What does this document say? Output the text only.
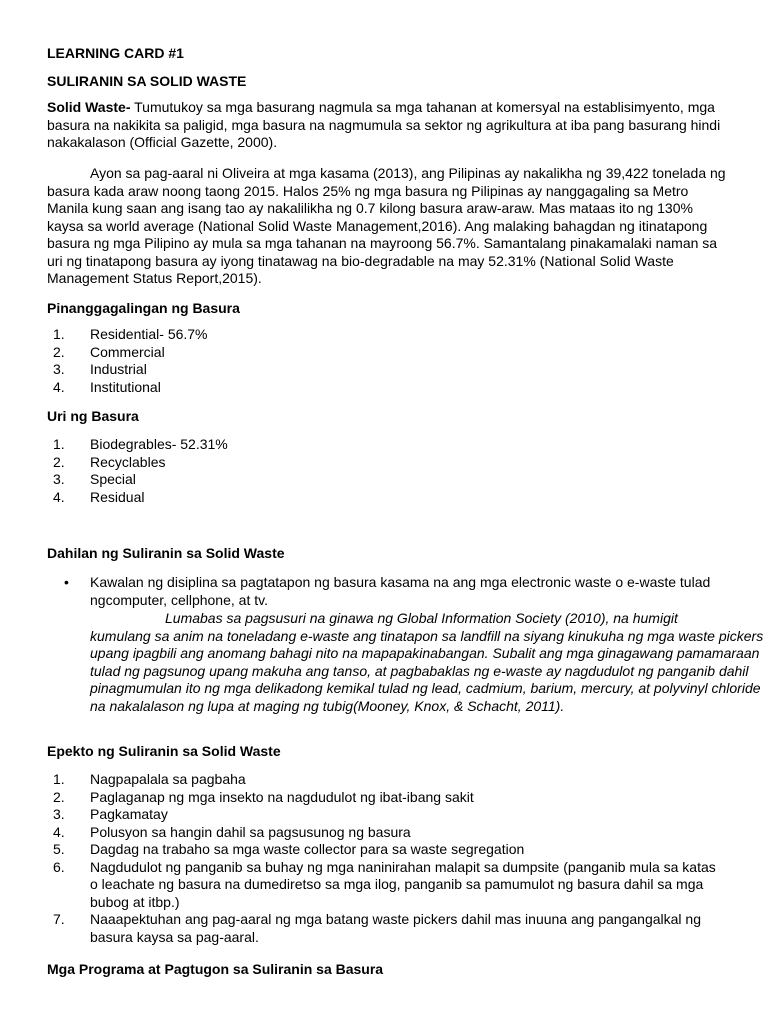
LEARNING CARD #1
SULIRANIN SA SOLID WASTE

Solid Waste- Tumutukoy sa mga basurang nagmula sa mga tahanan at komersyal na establisimyento, mga basura na nakikita sa paligid, mga basura na nagmumula sa sektor ng agrikultura at iba pang basurang hindi nakakalason (Official Gazette, 2000).

Ayon sa pag-aaral ni Oliveira at mga kasama (2013), ang Pilipinas ay nakalikha ng 39,422 tonelada ng basura kada araw noong taong 2015. Halos 25% ng mga basura ng Pilipinas ay nanggagaling sa Metro Manila kung saan ang isang tao ay nakalilikha ng 0.7 kilong basura araw-araw. Mas mataas ito ng 130% kaysa sa world average (National Solid Waste Management,2016). Ang malaking bahagdan ng itinatapong basura ng mga Pilipino ay mula sa mga tahanan na mayroong 56.7%. Samantalang pinakamalaki naman sa uri ng tinatapong basura ay iyong tinatawag na bio-degradable na may 52.31% (National Solid Waste Management Status Report,2015).

Pinanggagalingan ng Basura
1. Residential- 56.7%
2. Commercial
3. Industrial
4. Institutional
Uri ng Basura
1. Biodegrables- 52.31%
2. Recyclables
3. Special
4. Residual
Dahilan ng Suliranin sa Solid Waste
• Kawalan ng disiplina sa pagtatapon ng basura kasama na ang mga electronic waste o e-waste tulad ngcomputer, cellphone, at tv.
Lumabas sa pagsusuri na ginawa ng Global Information Society (2010), na humigit
kumulang sa anim na toneladang e-waste ang tinatapon sa landfill na siyang kinukuha ng mga waste pickers upang ipagbili ang anomang bahagi nito na mapapakinabangan. Subalit ang mga ginagawang pamamaraan tulad ng pagsunog upang makuha ang tanso, at pagbabaklas ng e-waste ay nagdudulot ng panganib dahil pinagmumulan ito ng mga delikadong kemikal tulad ng lead, cadmium, barium, mercury, at polyvinyl chloride na nakalalason ng lupa at maging ng tubig(Mooney, Knox, & Schacht, 2011).
Epekto ng Suliranin sa Solid Waste
1. Nagpapalala sa pagbaha
2. Paglaganap ng mga insekto na nagdudulot ng ibat-ibang sakit
3. Pagkamatay
4. Polusyon sa hangin dahil sa pagsusunog ng basura
5. Dagdag na trabaho sa mga waste collector para sa waste segregation
6. Nagdudulot ng panganib sa buhay ng mga naninirahan malapit sa dumpsite (panganib mula sa katas o leachate ng basura na dumediretso sa mga ilog, panganib sa pamumulot ng basura dahil sa mga bubog at itbp.)
7. Naaapektuhan ang pag-aaral ng mga batang waste pickers dahil mas inuuna ang pangangalkal ng basura kaysa sa pag-aaral.
Mga Programa at Pagtugon sa Suliranin sa Basura
